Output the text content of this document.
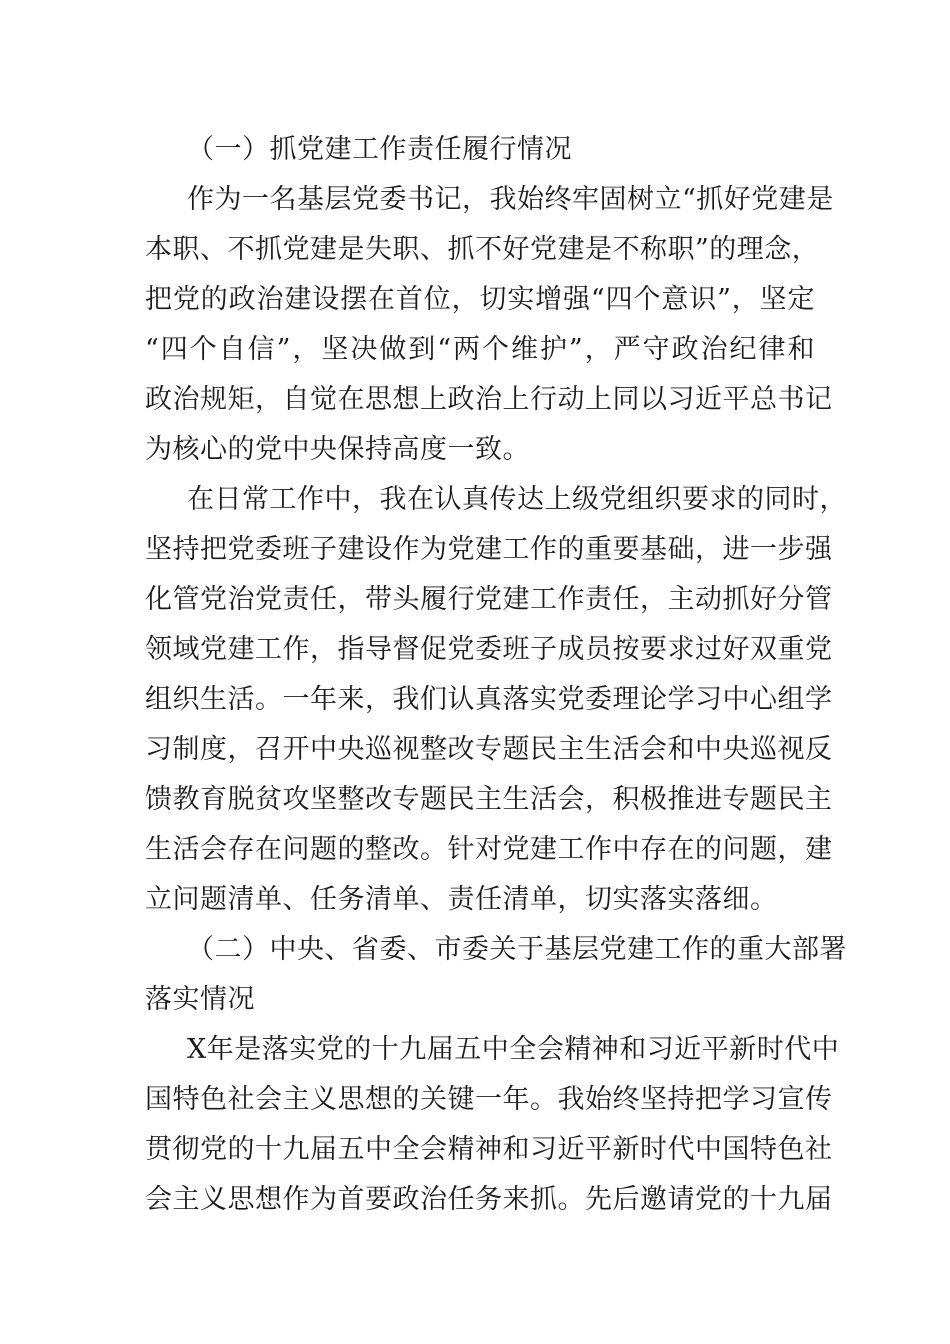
（一）抓党建工作责任履行情况
作为一名基层党委书记，我始终牢固树立“抓好党建是
本职、不抓党建是失职、抓不好党建是不称职”的理念，
把党的政治建设摆在首位，切实增强“四个意识”，坚定
“四个自信”，坚决做到“两个维护”，严守政治纪律和
政治规矩，自觉在思想上政治上行动上同以习近平总书记
为核心的党中央保持高度一致。
在日常工作中，我在认真传达上级党组织要求的同时，
坚持把党委班子建设作为党建工作的重要基础，进一步强
化管党治党责任，带头履行党建工作责任，主动抓好分管
领域党建工作，指导督促党委班子成员按要求过好双重党
组织生活。一年来，我们认真落实党委理论学习中心组学
习制度，召开中央巡视整改专题民主生活会和中央巡视反
馈教育脱贫攻坚整改专题民主生活会，积极推进专题民主
生活会存在问题的整改。针对党建工作中存在的问题，建
立问题清单、任务清单、责任清单，切实落实落细。
（二）中央、省委、市委关于基层党建工作的重大部署
落实情况
X年是落实党的十九届五中全会精神和习近平新时代中
国特色社会主义思想的关键一年。我始终坚持把学习宣传
贯彻党的十九届五中全会精神和习近平新时代中国特色社
会主义思想作为首要政治任务来抓。先后邀请党的十九届
